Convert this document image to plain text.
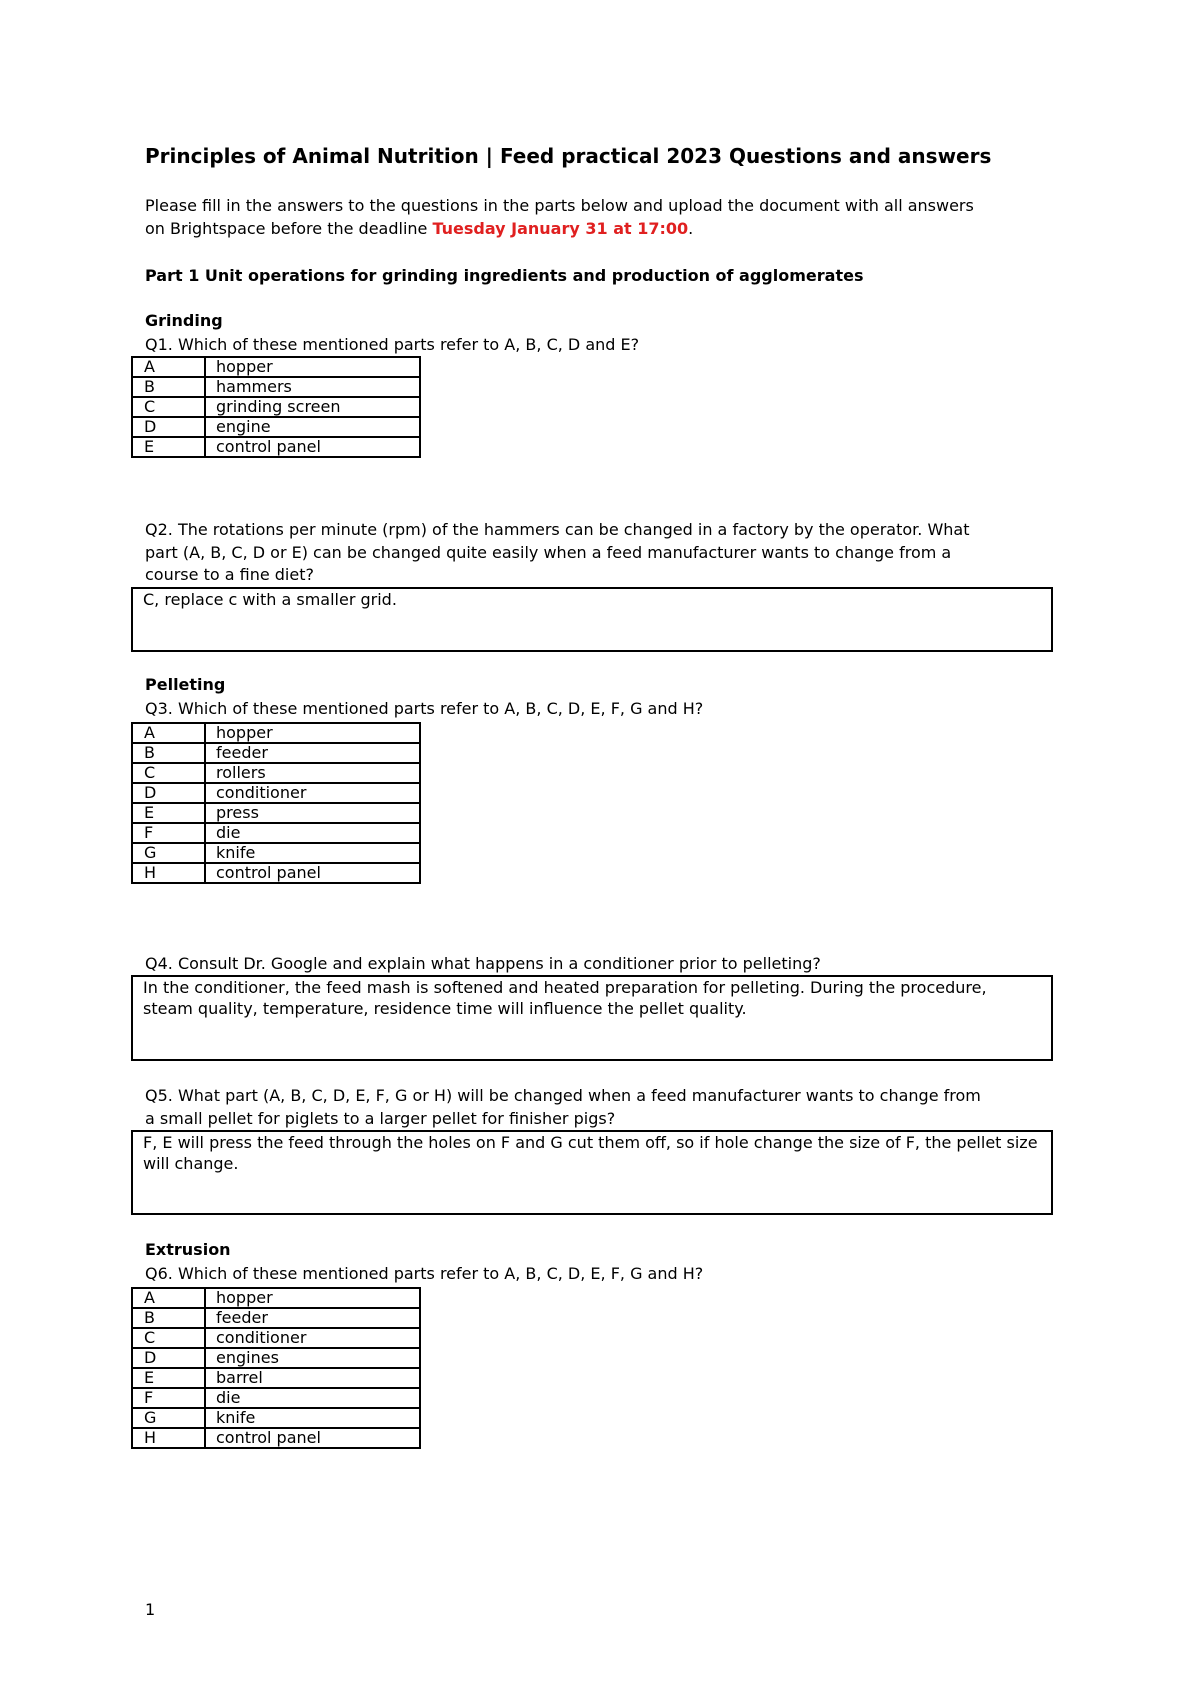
Principles of Animal Nutrition | Feed practical 2023 Questions and answers
Please fill in the answers to the questions in the parts below and upload the document with all answers
on Brightspace before the deadline Tuesday January 31 at 17:00.
Part 1 Unit operations for grinding ingredients and production of agglomerates
Grinding
Q1. Which of these mentioned parts refer to A, B, C, D and E?
A	hopper
B	hammers
C	grinding screen
D	engine
E	control panel
Q2. The rotations per minute (rpm) of the hammers can be changed in a factory by the operator. What
part (A, B, C, D or E) can be changed quite easily when a feed manufacturer wants to change from a
course to a fine diet?
C, replace c with a smaller grid.
Pelleting
Q3. Which of these mentioned parts refer to A, B, C, D, E, F, G and H?
A	hopper
B	feeder
C	rollers
D	conditioner
E	press
F	die
G	knife
H	control panel
Q4. Consult Dr. Google and explain what happens in a conditioner prior to pelleting?
In the conditioner, the feed mash is softened and heated preparation for pelleting. During the procedure, steam quality, temperature, residence time will influence the pellet quality.
Q5. What part (A, B, C, D, E, F, G or H) will be changed when a feed manufacturer wants to change from
a small pellet for piglets to a larger pellet for finisher pigs?
F, E will press the feed through the holes on F and G cut them off, so if hole change the size of F, the pellet size will change.
Extrusion
Q6. Which of these mentioned parts refer to A, B, C, D, E, F, G and H?
A	hopper
B	feeder
C	conditioner
D	engines
E	barrel
F	die
G	knife
H	control panel
1
